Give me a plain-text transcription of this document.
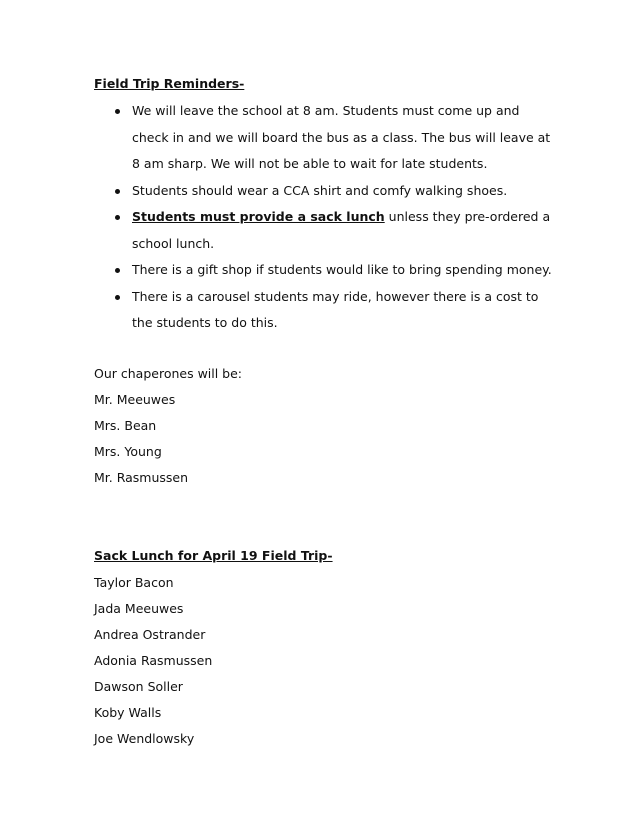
Field Trip Reminders-
We will leave the school at 8 am. Students must come up and check in and we will board the bus as a class. The bus will leave at 8 am sharp. We will not be able to wait for late students.
Students should wear a CCA shirt and comfy walking shoes.
Students must provide a sack lunch unless they pre-ordered a school lunch.
There is a gift shop if students would like to bring spending money.
There is a carousel students may ride, however there is a cost to the students to do this.
Our chaperones will be:
Mr. Meeuwes
Mrs. Bean
Mrs. Young
Mr. Rasmussen
Sack Lunch for April 19 Field Trip-
Taylor Bacon
Jada Meeuwes
Andrea Ostrander
Adonia Rasmussen
Dawson Soller
Koby Walls
Joe Wendlowsky
